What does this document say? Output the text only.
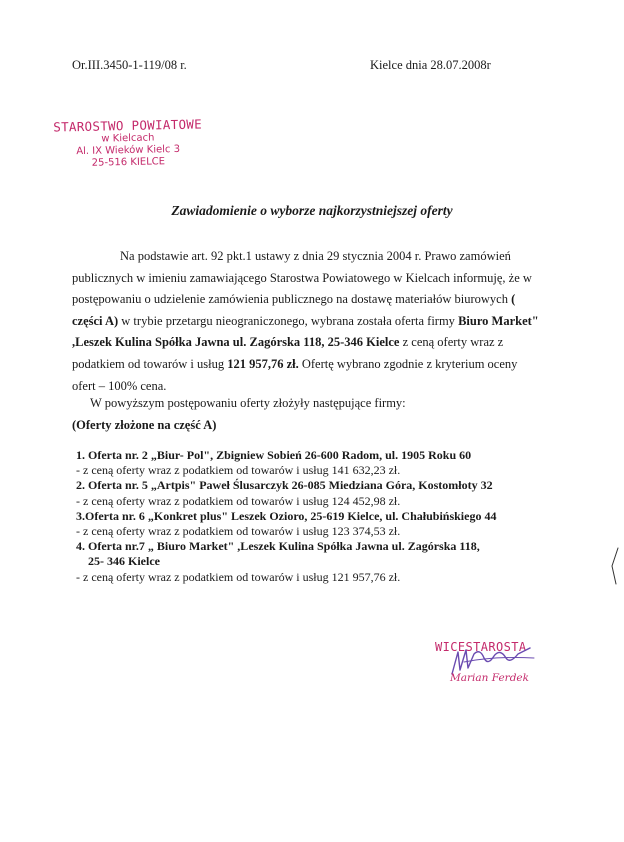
Or.III.3450-1-119/08 r.	Kielce dnia 28.07.2008r
STAROSTWO POWIATOWE
w Kielcach
Al. IX Wieków Kielc 3
25-516 KIELCE
Zawiadomienie o wyborze najkorzystniejszej oferty

Na podstawie art. 92 pkt.1 ustawy z dnia 29 stycznia 2004 r. Prawo zamówień publicznych w imieniu zamawiającego Starostwa Powiatowego w Kielcach informuję, że w postępowaniu o udzielenie zamówienia publicznego na dostawę materiałów biurowych ( części A) w trybie przetargu nieograniczonego, wybrana została oferta firmy Biuro Market" ,Leszek Kulina Spółka Jawna ul. Zagórska 118, 25-346 Kielce z ceną oferty wraz z podatkiem od towarów i usług 121 957,76 zł. Ofertę wybrano zgodnie z kryterium oceny ofert – 100% cena.

W powyższym postępowaniu oferty złożyły następujące firmy:
(Oferty złożone na część A)
1. Oferta nr. 2 „Biur- Pol", Zbigniew Sobień 26-600 Radom, ul. 1905 Roku 60
- z ceną oferty wraz z podatkiem od towarów i usług 141 632,23 zł.
2. Oferta nr. 5 „Artpis" Paweł Ślusarczyk 26-085 Miedziana Góra, Kostomłoty 32
- z ceną oferty wraz z podatkiem od towarów i usług 124 452,98 zł.
3.Oferta nr. 6 „Konkret plus" Leszek Ozioro, 25-619 Kielce, ul. Chałubińskiego 44
- z ceną oferty wraz z podatkiem od towarów i usług 123 374,53 zł.
4. Oferta nr.7 „ Biuro Market" ,Leszek Kulina Spółka Jawna ul. Zagórska 118,
25- 346 Kielce
- z ceną oferty wraz z podatkiem od towarów i usług 121 957,76 zł.
WICESTAROSTA
Marian Ferdek
